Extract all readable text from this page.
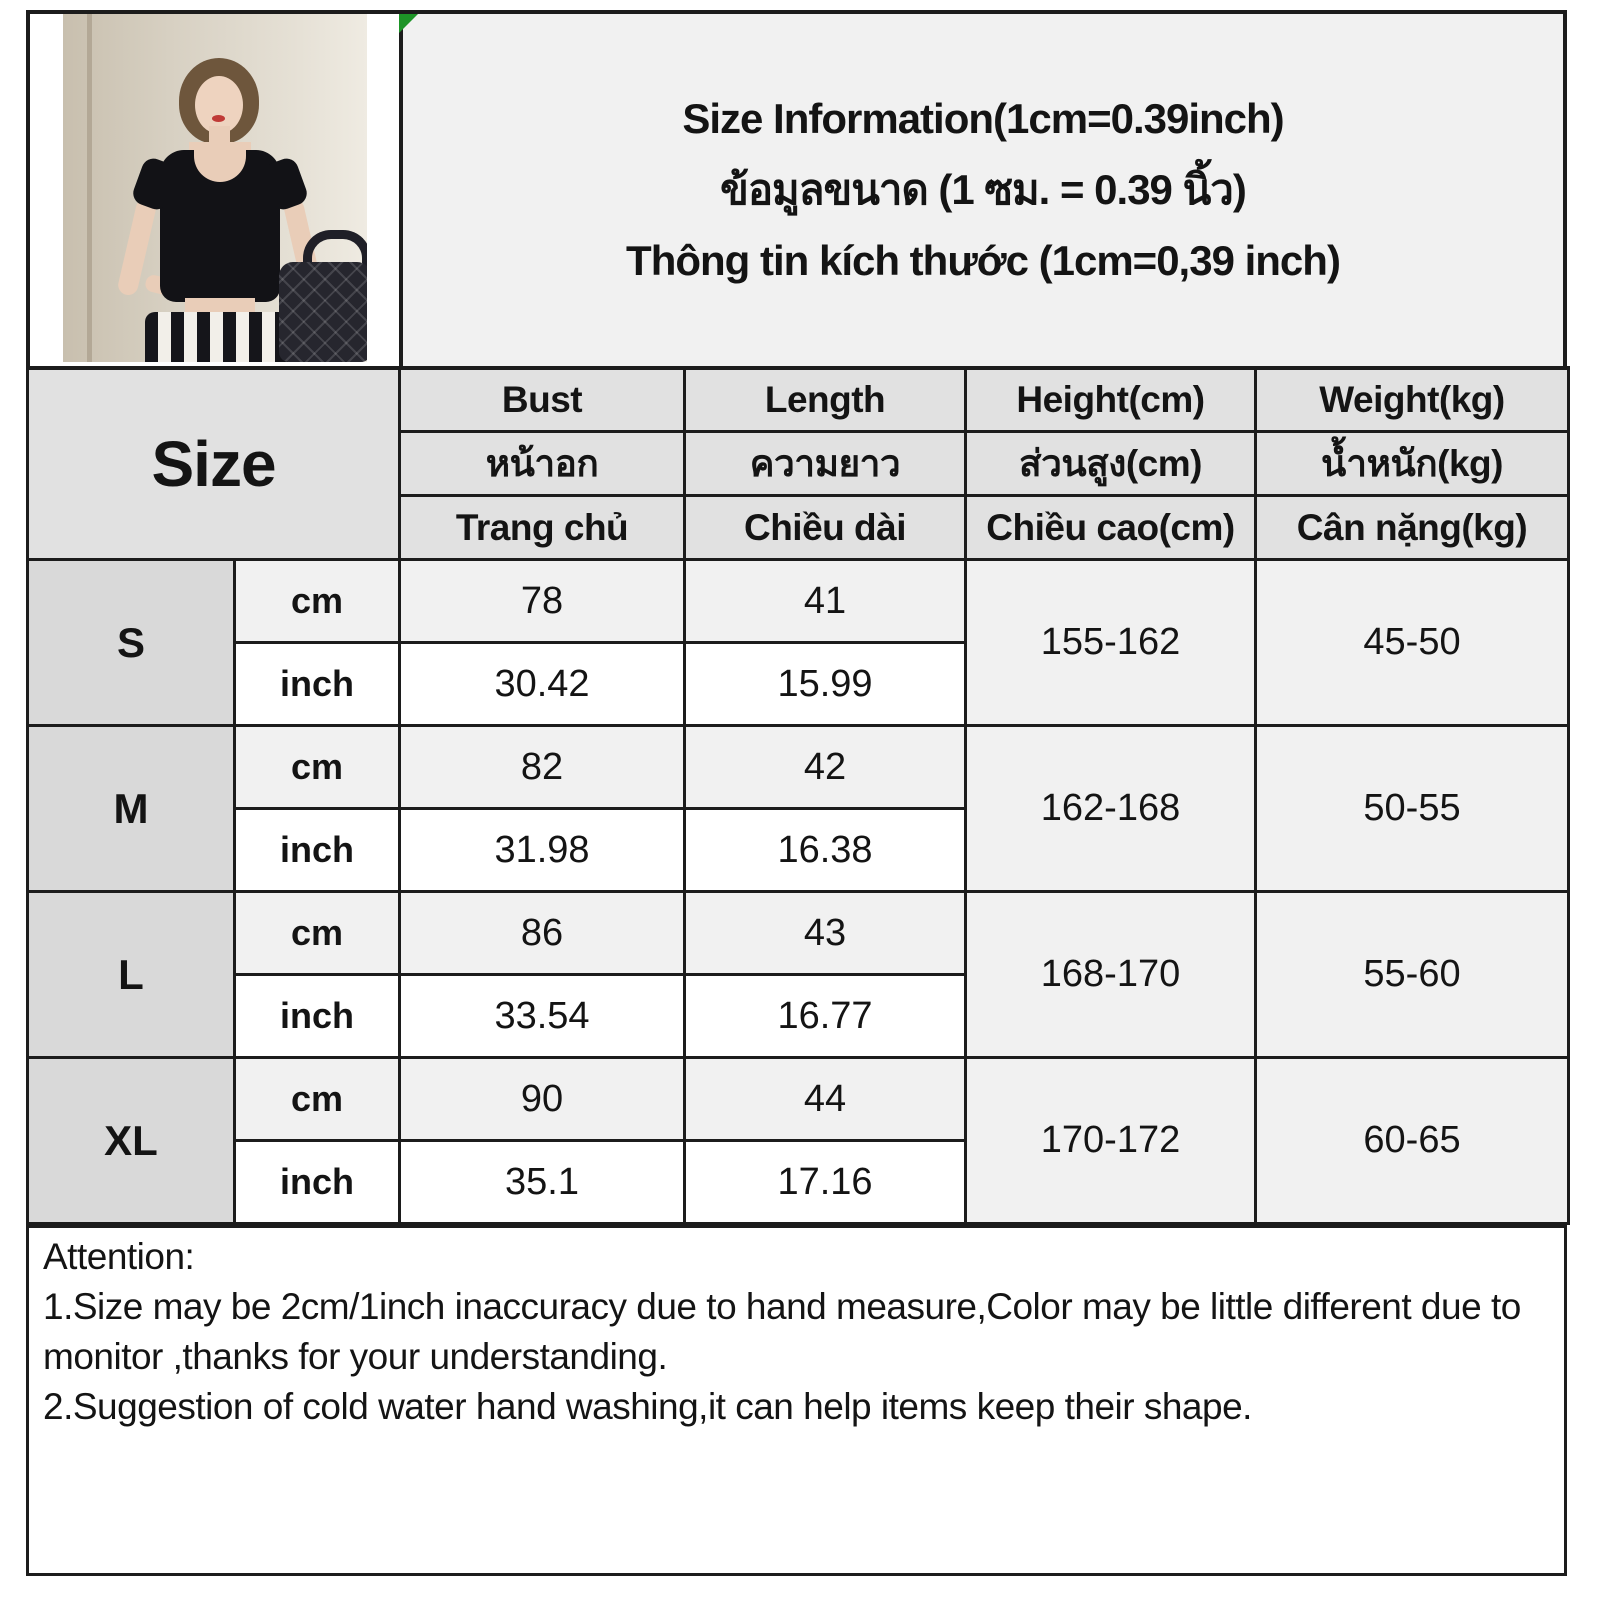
Size Information(1cm=0.39inch)
ข้อมูลขนาด (1 ซม. = 0.39 นิ้ว)
Thông tin kích thước (1cm=0,39 inch)
Size		Bust	Length	Height(cm)	Weight(kg)
		หน้าอก	ความยาว	ส่วนสูง(cm)	น้ำหนัก(kg)
		Trang chủ	Chiều dài	Chiều cao(cm)	Cân nặng(kg)
S	cm	78	41	155-162	45-50
	inch	30.42	15.99		
M	cm	82	42	162-168	50-55
	inch	31.98	16.38		
L	cm	86	43	168-170	55-60
	inch	33.54	16.77		
XL	cm	90	44	170-172	60-65
	inch	35.1	17.16		

Attention:

1.Size may be 2cm/1inch inaccuracy due to hand measure,Color may be little different due to monitor ,thanks for your understanding.

2.Suggestion of cold water hand washing,it can help items keep their shape.
